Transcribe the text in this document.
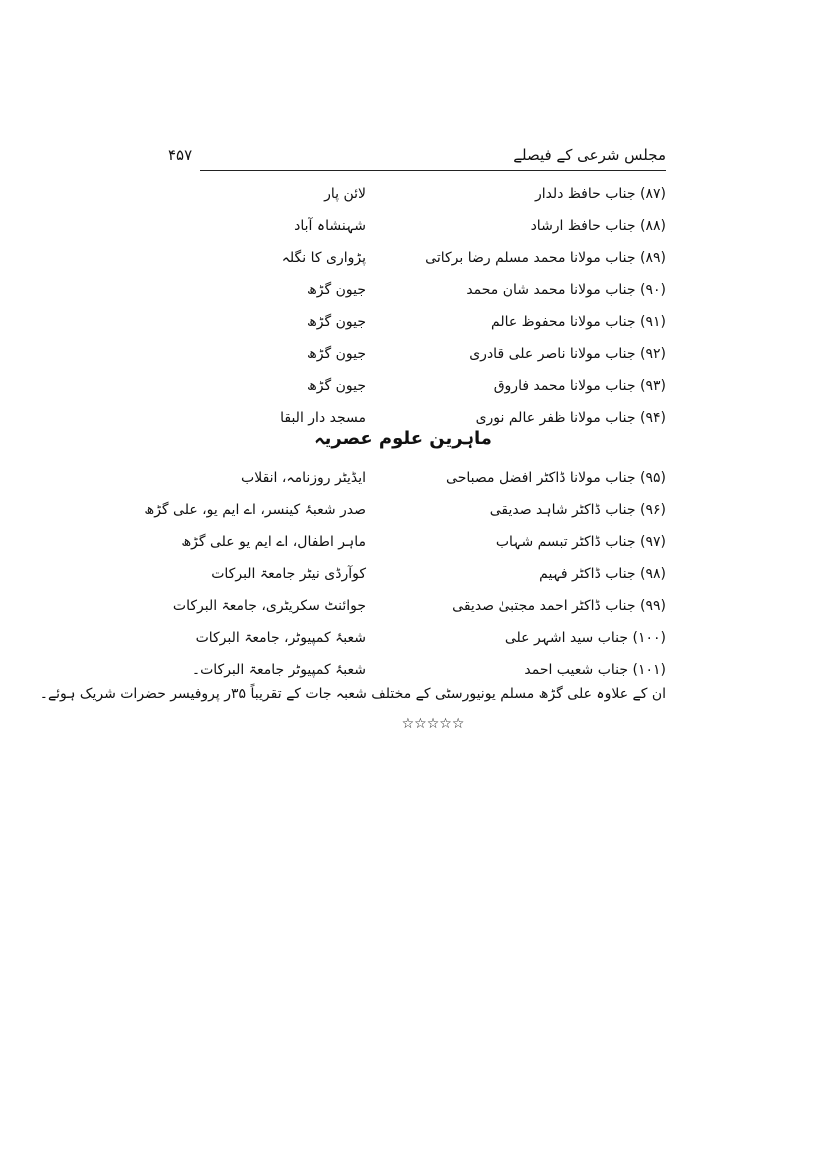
مجلس شرعی کے فیصلے
۴۵۷
(۸۷) جناب حافظ دلدار
لائن پار
(۸۸) جناب حافظ ارشاد
شہنشاہ آباد
(۸۹) جناب مولانا محمد مسلم رضا برکاتی
پڑواری کا نگلہ
(۹۰) جناب مولانا محمد شان محمد
جیون گڑھ
(۹۱) جناب مولانا محفوظ عالم
جیون گڑھ
(۹۲) جناب مولانا ناصر علی قادری
جیون گڑھ
(۹۳) جناب مولانا محمد فاروق
جیون گڑھ
(۹۴) جناب مولانا ظفر عالم نوری
مسجد دار البقا
ماہرین علوم عصریہ
(۹۵) جناب مولانا ڈاکٹر افضل مصباحی
ایڈیٹر روزنامہ، انقلاب
(۹۶) جناب ڈاکٹر شاہد صدیقی
صدر شعبۂ کینسر، اے ایم یو، علی گڑھ
(۹۷) جناب ڈاکٹر تبسم شہاب
ماہر اطفال، اے ایم یو علی گڑھ
(۹۸) جناب ڈاکٹر فہیم
کوآرڈی نیٹر جامعۃ البرکات
(۹۹) جناب ڈاکٹر احمد مجتبیٰ صدیقی
جوائنٹ سکریٹری، جامعۃ البرکات
(۱۰۰) جناب سید اشہر علی
شعبۂ کمپیوٹر، جامعۃ البرکات
(۱۰۱) جناب شعیب احمد
شعبۂ کمپیوٹر جامعۃ البرکات۔
ان کے علاوہ علی گڑھ مسلم یونیورسٹی کے مختلف شعبہ جات کے تقریباً ۳۵ر پروفیسر حضرات شریک ہوئے۔
☆☆☆☆☆
